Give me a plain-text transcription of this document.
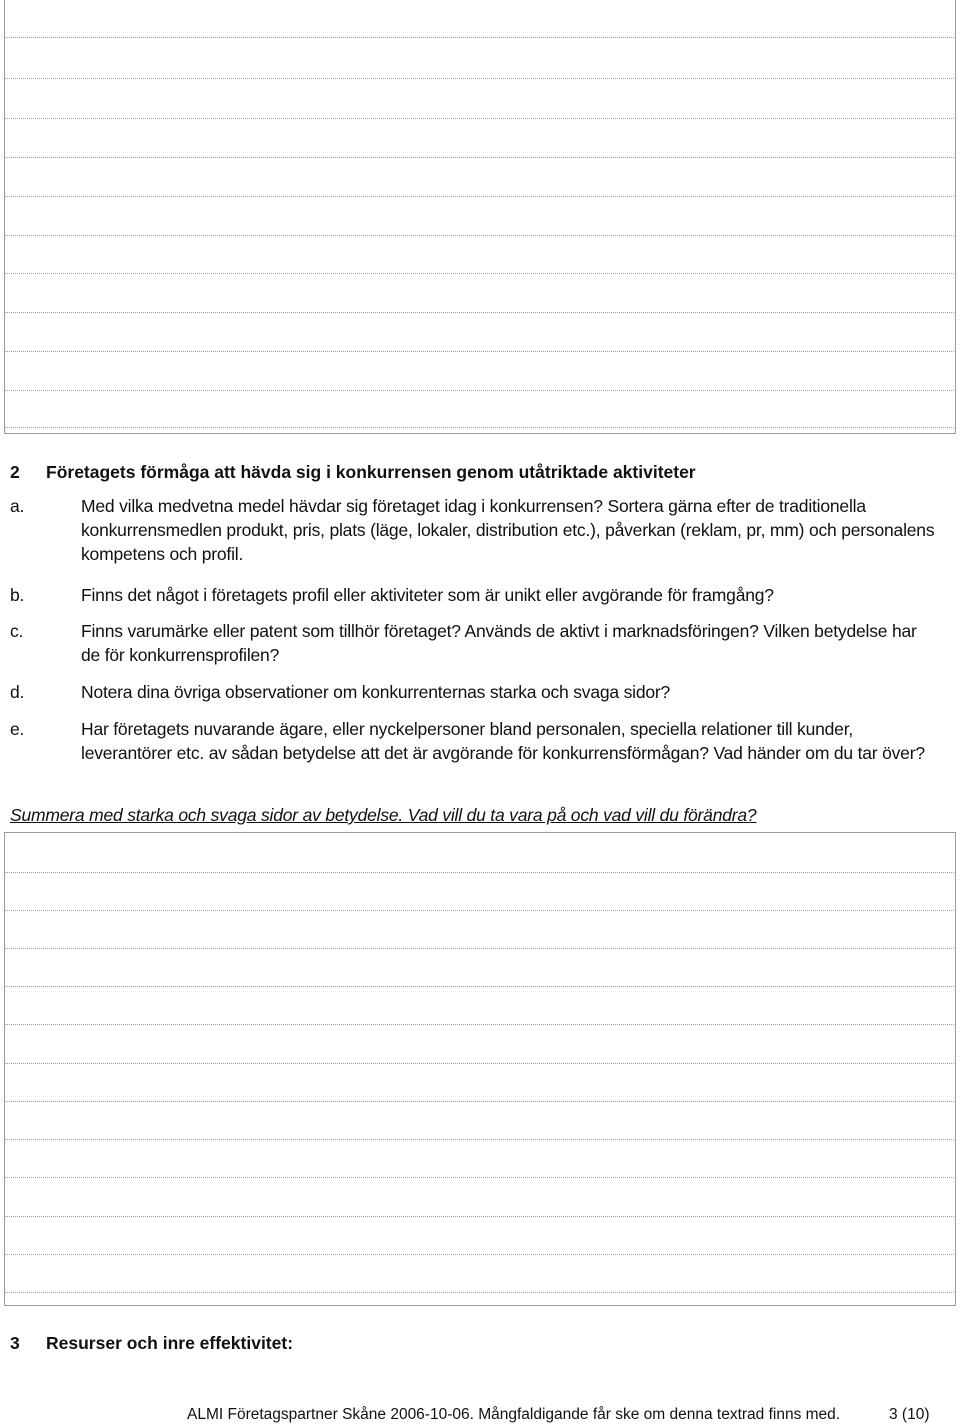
2 Företagets förmåga att hävda sig i konkurrensen genom utåtriktade aktiviteter
a.	Med vilka medvetna medel hävdar sig företaget idag i konkurrensen? Sortera gärna efter de traditionella konkurrensmedlen produkt, pris, plats (läge, lokaler, distribution etc.), påverkan (reklam, pr, mm) och personalens kompetens och profil.
b.	Finns det något i företagets profil eller aktiviteter som är unikt eller avgörande för framgång?
c.	Finns varumärke eller patent som tillhör företaget? Används de aktivt i marknadsföringen? Vilken betydelse har de för konkurrensprofilen?
d.	Notera dina övriga observationer om konkurrenternas starka och svaga sidor?
e.	Har företagets nuvarande ägare, eller nyckelpersoner bland personalen, speciella relationer till kunder, leverantörer etc. av sådan betydelse att det är avgörande för konkurrensförmågan? Vad händer om du tar över?
Summera med starka och svaga sidor av betydelse. Vad vill du ta vara på och vad vill du förändra?
3 Resurser och inre effektivitet:
ALMI Företagspartner Skåne 2006-10-06. Mångfaldigande får ske om denna textrad finns med.	3 (10)
